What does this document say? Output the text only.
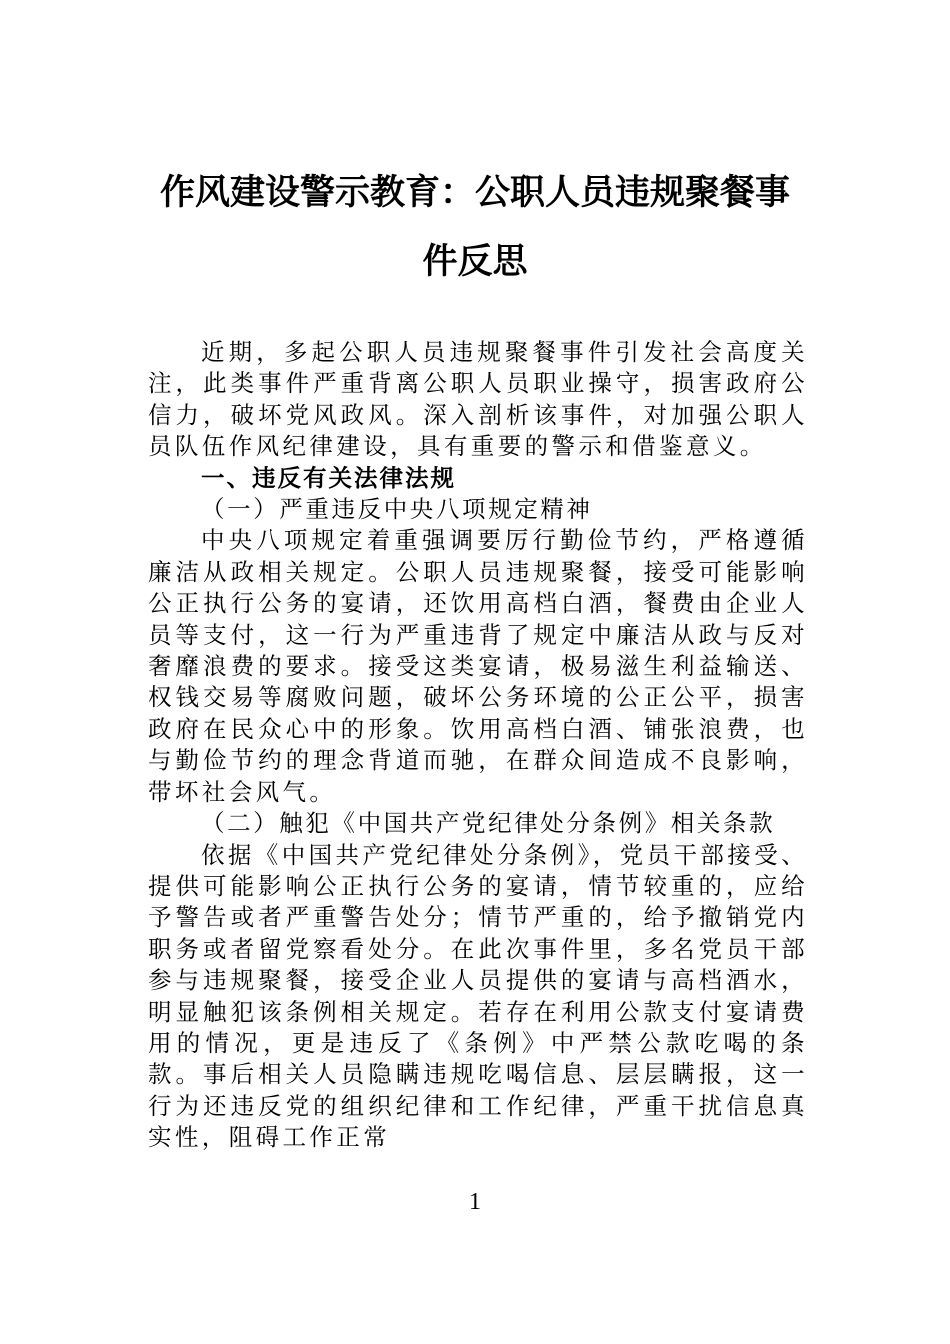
作风建设警示教育：公职人员违规聚餐事
件反思

近期，多起公职人员违规聚餐事件引发社会高度关注，此类事件严重背离公职人员职业操守，损害政府公信力，破坏党风政风。深入剖析该事件，对加强公职人员队伍作风纪律建设，具有重要的警示和借鉴意义。

一、违反有关法律法规

（一）严重违反中央八项规定精神

中央八项规定着重强调要厉行勤俭节约，严格遵循廉洁从政相关规定。公职人员违规聚餐，接受可能影响公正执行公务的宴请，还饮用高档白酒，餐费由企业人员等支付，这一行为严重违背了规定中廉洁从政与反对奢靡浪费的要求。接受这类宴请，极易滋生利益输送、权钱交易等腐败问题，破坏公务环境的公正公平，损害政府在民众心中的形象。饮用高档白酒、铺张浪费，也与勤俭节约的理念背道而驰，在群众间造成不良影响，带坏社会风气。

（二）触犯《中国共产党纪律处分条例》相关条款

依据《中国共产党纪律处分条例》，党员干部接受、提供可能影响公正执行公务的宴请，情节较重的，应给予警告或者严重警告处分；情节严重的，给予撤销党内职务或者留党察看处分。在此次事件里，多名党员干部参与违规聚餐，接受企业人员提供的宴请与高档酒水，明显触犯该条例相关规定。若存在利用公款支付宴请费用的情况，更是违反了《条例》中严禁公款吃喝的条款。事后相关人员隐瞒违规吃喝信息、层层瞒报，这一行为还违反党的组织纪律和工作纪律，严重干扰信息真实性，阻碍工作正常

1
